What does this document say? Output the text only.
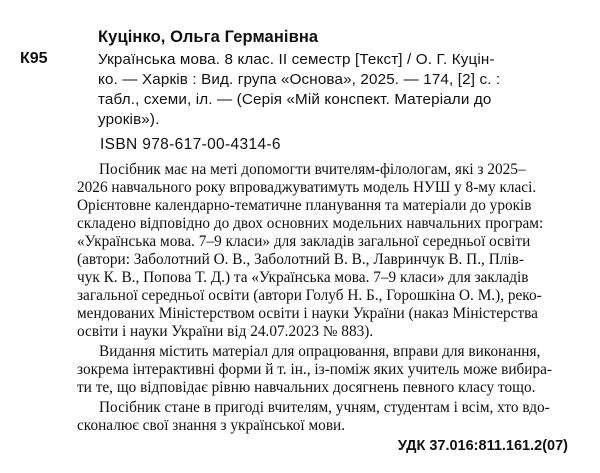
Куцінко, Ольга Германівна
К95	Українська мова. 8 клас. ІІ семестр [Текст] / О. Г. Куцін-
ко. — Харків : Вид. група «Основа», 2025. — 174, [2] с. :
табл., схеми, іл. — (Серія «Мій конспект. Матеріали до
уроків»).
ISBN 978-617-00-4314-6
Посібник має на меті допомогти вчителям-філологам, які з 2025–
2026 навчального року впроваджуватимуть модель НУШ у 8-му класі.
Орієнтовне календарно-тематичне планування та матеріали до уроків
складено відповідно до двох основних модельних навчальних програм:
«Українська мова. 7–9 класи» для закладів загальної середньої освіти
(автори: Заболотний О. В., Заболотний В. В., Лавринчук В. П., Плів-
чук К. В., Попова Т. Д.) та «Українська мова. 7–9 класи» для закладів
загальної середньої освіти (автори Голуб Н. Б., Горошкіна О. М.), реко-
мендованих Міністерством освіти і науки України (наказ Міністерства
освіти і науки України від 24.07.2023 № 883).
Видання містить матеріал для опрацювання, вправи для виконання,
зокрема інтерактивні форми й т. ін., із-поміж яких учитель може вибира-
ти те, що відповідає рівню навчальних досягнень певного класу тощо.
Посібник стане в пригоді вчителям, учням, студентам і всім, хто вдо-
сконалює свої знання з української мови.
УДК 37.016:811.161.2(07)
